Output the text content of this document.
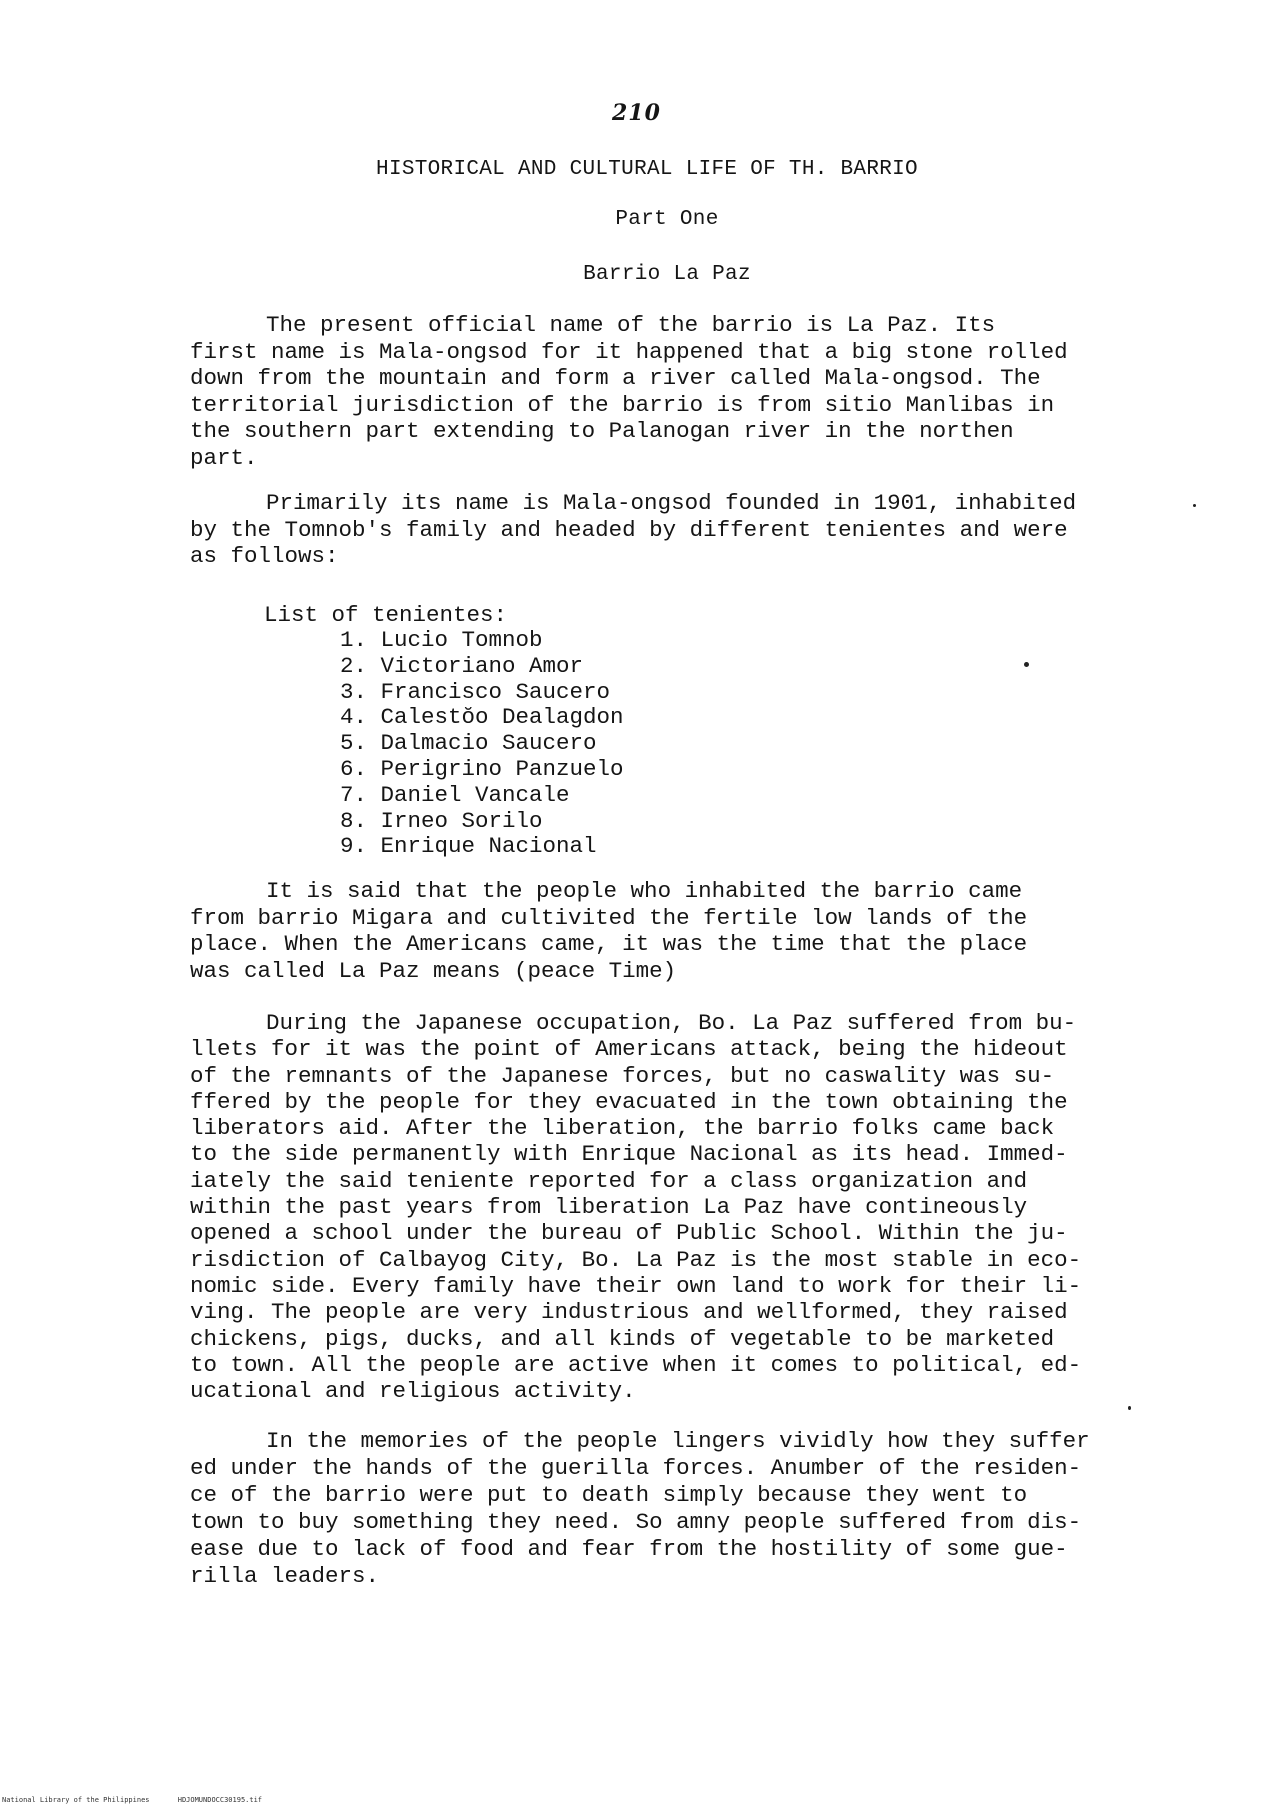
210
HISTORICAL AND CULTURAL LIFE OF TH. BARRIO
Part One
Barrio La Paz

The present official name of the barrio is La Paz. Its
first name is Mala-ongsod for it happened that a big stone rolled
down from the mountain and form a river called Mala-ongsod. The
territorial jurisdiction of the barrio is from sitio Manlibas in
the southern part extending to Palanogan river in the northen
part.

Primarily its name is Mala-ongsod founded in 1901, inhabited
by the Tomnob's family and headed by different tenientes and were
as follows:

List of tenientes:
1. Lucio Tomnob
2. Victoriano Amor
3. Francisco Saucero
4. Calestŏo Dealagdon
5. Dalmacio Saucero
6. Perigrino Panzuelo
7. Daniel Vancale
8. Irneo Sorilo
9. Enrique Nacional

It is said that the people who inhabited the barrio came
from barrio Migara and cultivited the fertile low lands of the
place. When the Americans came, it was the time that the place
was called La Paz means (peace Time)

During the Japanese occupation, Bo. La Paz suffered from bu-
llets for it was the point of Americans attack, being the hideout
of the remnants of the Japanese forces, but no caswality was su-
ffered by the people for they evacuated in the town obtaining the
liberators aid. After the liberation, the barrio folks came back
to the side permanently with Enrique Nacional as its head. Immed-
iately the said teniente reported for a class organization and
within the past years from liberation La Paz have contineously
opened a school under the bureau of Public School. Within the ju-
risdiction of Calbayog City, Bo. La Paz is the most stable in eco-
nomic side. Every family have their own land to work for their li-
ving. The people are very industrious and wellformed, they raised
chickens, pigs, ducks, and all kinds of vegetable to be marketed
to town. All the people are active when it comes to political, ed-
ucational and religious activity.

In the memories of the people lingers vividly how they suffer
ed under the hands of the guerilla forces. Anumber of the residen-
ce of the barrio were put to death simply because they went to
town to buy something they need. So amny people suffered from dis-
ease due to lack of food and fear from the hostility of some gue-
rilla leaders.

National Library of the Philippines	HDJOMUNDOCC30195.tif
